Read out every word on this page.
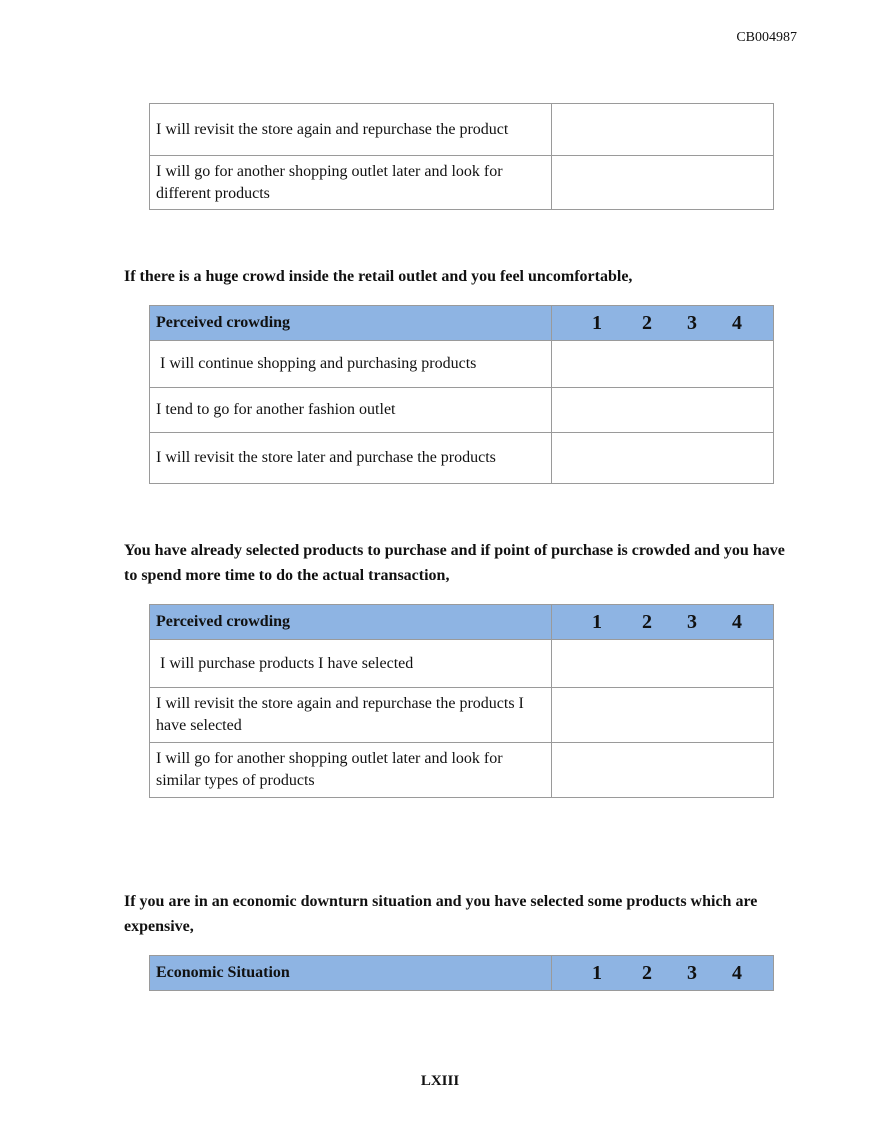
CB004987
I will revisit the store again and repurchase the product	
I will go for another shopping outlet later and look for different products	
If there is a huge crowd inside the retail outlet and you feel uncomfortable,
Perceived crowding	1 2 3 4

I will continue shopping and purchasing products	
I tend to go for another fashion outlet	
I will revisit the store later and purchase the products	
You have already selected products to purchase and if point of purchase is crowded and you have to spend more time to do the actual transaction,
Perceived crowding	1 2 3 4

I will purchase products I have selected	
I will revisit the store again and repurchase the products I have selected	
I will go for another shopping outlet later and look for similar types of products	
If you are in an economic downturn situation and you have selected some products which are expensive,
Economic Situation	1 2 3 4
LXIII
